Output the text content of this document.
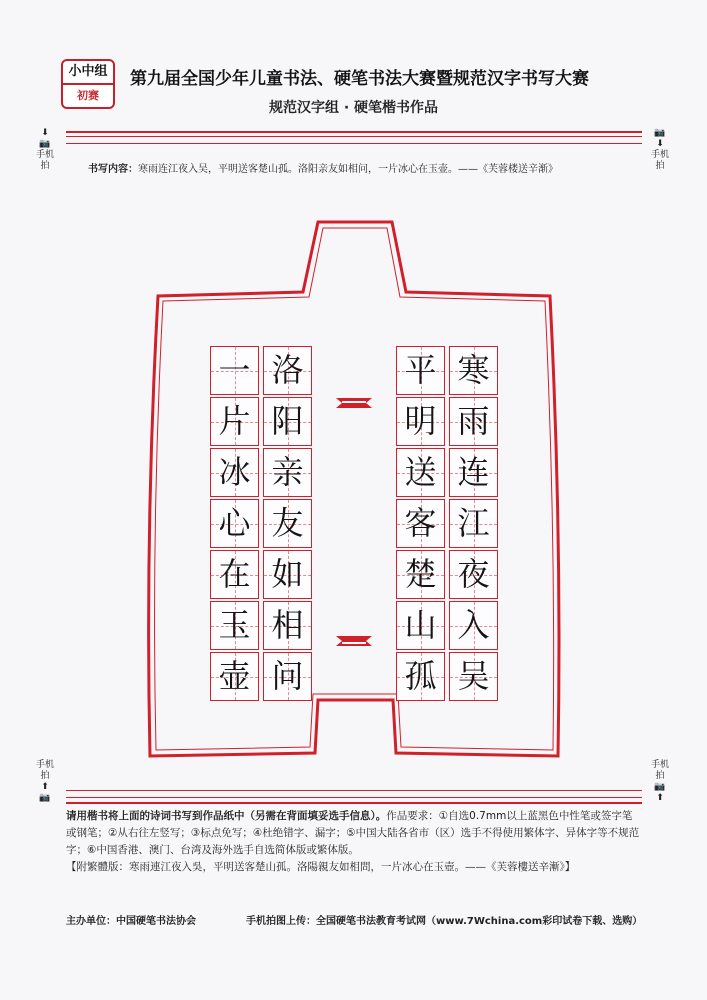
小中组
初赛
第九届全国少年儿童书法、硬笔书法大赛暨规范汉字书写大赛
规范汉字组 · 硬笔楷书作品
⬇📷 手机拍
📷⬇ 手机拍
手机拍 ⬆📷
手机拍 📷⬆
书写内容：寒雨连江夜入吴，平明送客楚山孤。洛阳亲友如相问，一片冰心在玉壶。——《芙蓉楼送辛渐》
一
片
冰
心
在
玉
壶
洛
阳
亲
友
如
相
问
平
明
送
客
楚
山
孤
寒
雨
连
江
夜
入
吴
请用楷书将上面的诗词书写到作品纸中（另需在背面填妥选手信息）。作品要求：①自选0.7mm以上蓝黑色中性笔或签字笔或钢笔；②从右往左竖写；③标点免写；④杜绝错字、漏字；⑤中国大陆各省市（区）选手不得使用繁体字、异体字等不规范字；⑥中国香港、澳门、台湾及海外选手自选简体版或繁体版。
【附繁體版：寒雨連江夜入吳，平明送客楚山孤。洛陽親友如相問，一片冰心在玉壺。——《芙蓉樓送辛漸》】
主办单位：中国硬笔书法协会	手机拍图上传：全国硬笔书法教育考试网（www.7Wchina.com彩印试卷下载、选购）
